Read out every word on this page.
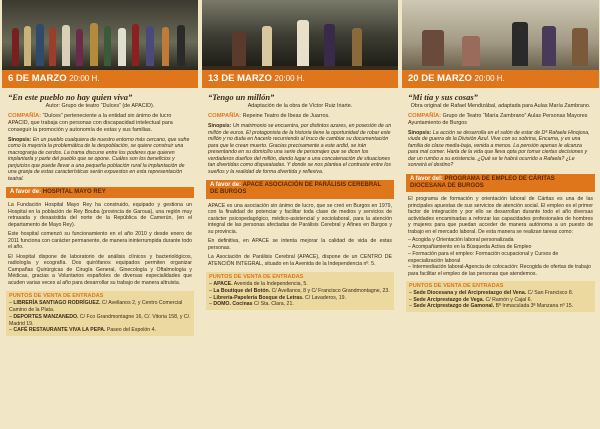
6 DE MARZO 20:00 H.
“En este pueblo no hay quien viva”
Autor: Grupo de teatro “Dulces” (de APACID).
COMPAÑÍA: “Dulces” perteneciente a la entidad sin ánimo de lucro APACID, que trabaja con personas con discapacidad intelectual para conseguir la promoción y autonomía de estas y sus familias.
Sinopsis: En un pueblo cualquiera de nuestro entorno más cercano, que sufre como la mayoría la problemática de la despoblación, se quiere construir una macrogranja de cerdos. La trama discurre entre los poderes que quieren implantarla y parte del pueblo que se opone. Cuáles son los beneficios y perjuicios que puede llevar a una pequeña población rural la implantación de una granja de estas características serán expuestos en esta representación teatral.
A favor de: HOSPITAL MAYO REY
La Fundación Hospital Mayo Rey ha construido, equipado y gestiona un Hospital en la población de Rey Bouba (provincia de Garoua), una región muy retrasada y desasistida del norte de la República de Camerún, (en el departamento de Mayo Rey).
Este hospital comenzó su funcionamiento en el año 2010 y desde enero de 2011 funciona con carácter permanente, de manera ininterrumpida durante todo el año.
El Hospital dispone de laboratorio de análisis clínicos y bacteriológicos, radiología y ecografía. Dos quirófanos equipados permiten organizar Campañas Quirúrgicas de Cirugía General, Ginecología y Oftalmología y Médicas, gracias a Voluntarios españoles de diversas especialidades que acuden varias veces al año para desarrollar su trabajo de manera altruista.
PUNTOS DE VENTA DE ENTRADAS
– LIBRERÍA SANTIAGO RODRÍGUEZ. C/ Avellanos 2, y Centro Comercial Camino de la Plata.
– DEPORTES MANZANEDO. C/ Fco Grandmontagne 16, C/. Vitoria 158, y C/. Madrid 19.
– CAFÉ RESTAURANTE VIVA LA PEPA. Paseo del Espolón 4.
13 DE MARZO 20:00 H.
“Tengo un millón”
Adaptación de la obra de Víctor Ruiz Iriarte.
COMPAÑÍA: Repeine Teatro de Ibeas de Juarros.
Sinopsis: Un matrimonio se encuentra, por distintos azares, en posesión de un millón de euros. El protagonista de la historia tiene la oportunidad de robar este millón y no duda en hacerlo recurriendo al truco de cambiar su documentación para que le crean muerto. Gracias precisamente a este ardid, se irán presentando en su domicilio una serie de personajes que se dicen los verdaderos dueños del millón, dando lugar a una concatenación de situaciones tan divertidas como disparatadas. Y donde se nos plantea el contraste entre los sueños y la realidad de forma divertida y reflexiva.
A favor de: APACE ASOCIACIÓN DE PARÁLISIS CEREBRAL DE BURGOS
APACE es una asociación sin ánimo de lucro, que se creó en Burgos en 1979, con la finalidad de potenciar y facilitar toda clase de medios y servicios de carácter psicopedagógico, médico-asistencial y sociolaboral, para la atención integral de las personas afectadas de Parálisis Cerebral y Afines en Burgos y su provincia.
En definitiva, en APACE se intenta mejorar la calidad de vida de estas personas.
La Asociación de Parálisis Cerebral (APACE), dispone de un CENTRO DE ATENCIÓN INTEGRAL, situado en la Avenida de la Independencia nº. 5.
PUNTOS DE VENTA DE ENTRADAS
– APACE. Avenida de la Independencia, 5.
– La Boutique del Botón. C/ Avellanos, 8 y C/ Francisco Grandmontagne, 23.
– Librería-Papelería Bosque de Letras. C/ Lavaderos, 19.
– DOMO. Cocinas C/ Sta. Clara, 21.
20 DE MARZO 20:00 H.
“Mi tía y sus cosas”
Obra original de Rafael Mendizábal, adaptada para Aulas María Zambrano.
COMPAÑÍA: Grupo de Teatro “María Zambrano” Aulas Personas Mayores Ayuntamiento de Burgos
Sinopsis: La acción se desarrolla en el salón de estar de Dª Rafaela Hinojosa, viuda de guerra de la División Azul. Vive con su sobrina, Encarna, y es una familia de clase media-baja, venida a menos. La pensión apenas le alcanza para mal comer. Harta de la vida que lleva opta por tomar ciertas decisiones y dar un rumbo a su existencia. ¿Qué se le habrá ocurrido a Rafaela? ¿Le sonreirá el destino?
A favor del: PROGRAMA DE EMPLEO DE CÁRITAS DIOCESANA DE BURGOS
El programa de formación y orientación laboral de Cáritas es una de las principales apuestas de sus servicios de atención social. El empleo es el primer factor de integración y por ello se desarrollan durante todo el año diversas actividades encaminadas a reforzar las capacidades profesionales de hombres y mujeres para que puedan acceder de manera autónoma a un puesto de trabajo en el mercado laboral. De esta manera se realizan tareas como:
– Acogida y Orientación laboral personalizada
– Acompañamiento en la Búsqueda Activa de Empleo
– Formación para el empleo: Formación ocupacional y Cursos de especialización laboral
– Intermediación laboral-Agencia de colocación: Recogida de ofertas de trabajo para facilitar el empleo de las personas que atendemos.
PUNTOS DE VENTA DE ENTRADAS
– Sede Diocesana y del Arciprestazgo del Vena. C/ San Francisco 8.
– Sede Arciprestazgo de Vega. C/ Ramón y Cajal 6.
– Sede Arciprestazgo de Gamonal. Bº Inmaculada 3ª Manzana nº 15.
